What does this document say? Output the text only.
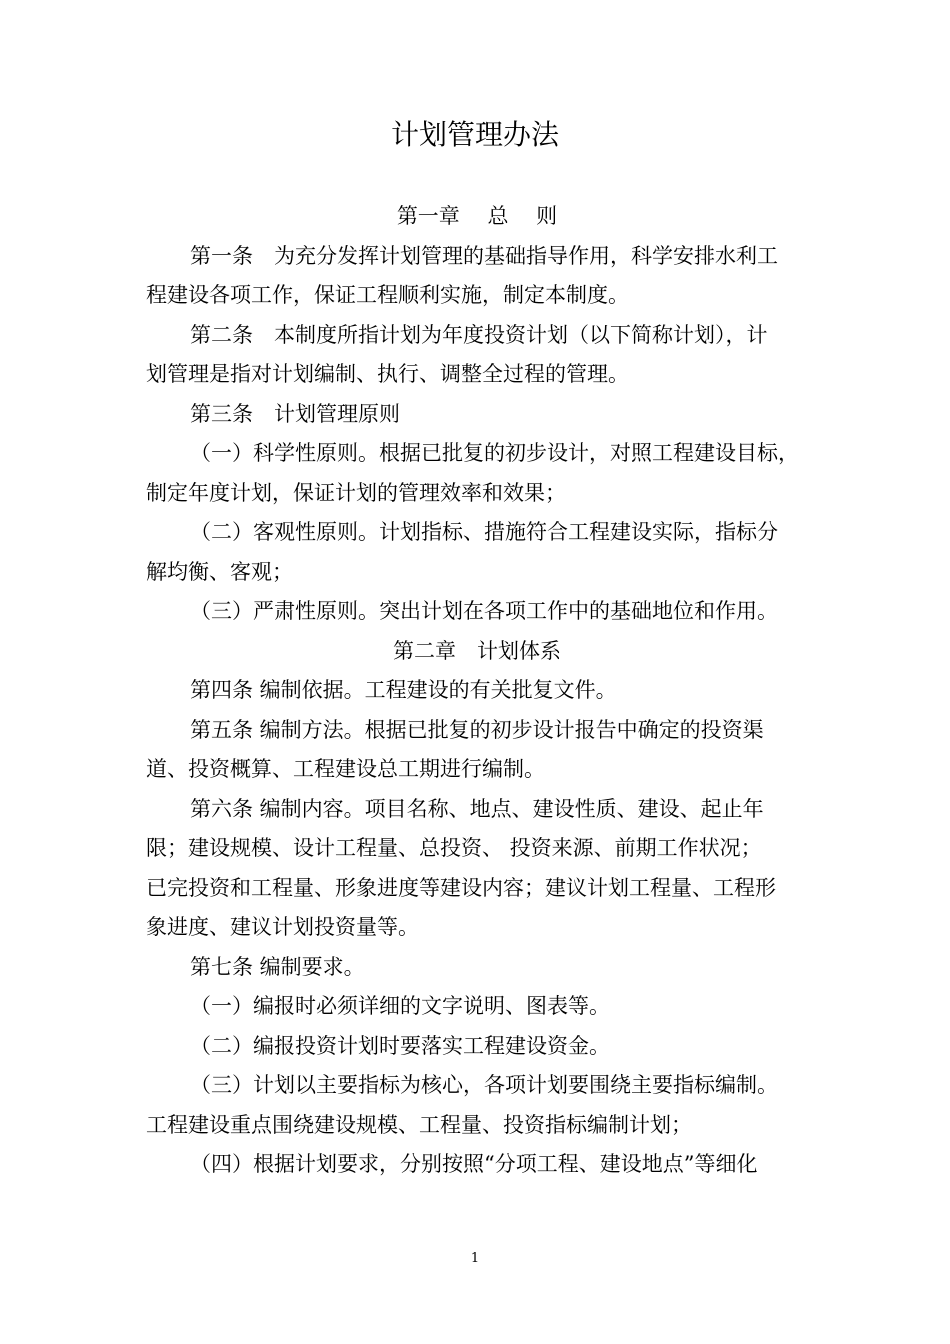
计划管理办法
第一章　 总　 则
第一条　为充分发挥计划管理的基础指导作用，科学安排水利工
程建设各项工作，保证工程顺利实施，制定本制度。
第二条　本制度所指计划为年度投资计划（以下简称计划），计
划管理是指对计划编制、执行、调整全过程的管理。
第三条　计划管理原则
（一）科学性原则。根据已批复的初步设计，对照工程建设目标，
制定年度计划，保证计划的管理效率和效果；
（二）客观性原则。计划指标、措施符合工程建设实际，指标分
解均衡、客观；
（三）严肃性原则。突出计划在各项工作中的基础地位和作用。
第二章　计划体系
第四条 编制依据。工程建设的有关批复文件。
第五条 编制方法。根据已批复的初步设计报告中确定的投资渠
道、投资概算、工程建设总工期进行编制。
第六条 编制内容。项目名称、地点、建设性质、建设、起止年
限；建设规模、设计工程量、总投资、 投资来源、前期工作状况；
已完投资和工程量、形象进度等建设内容；建议计划工程量、工程形
象进度、建议计划投资量等。
第七条 编制要求。
（一）编报时必须详细的文字说明、图表等。
（二）编报投资计划时要落实工程建设资金。
（三）计划以主要指标为核心，各项计划要围绕主要指标编制。
工程建设重点围绕建设规模、工程量、投资指标编制计划；
（四）根据计划要求，分别按照“分项工程、建设地点”等细化
1
